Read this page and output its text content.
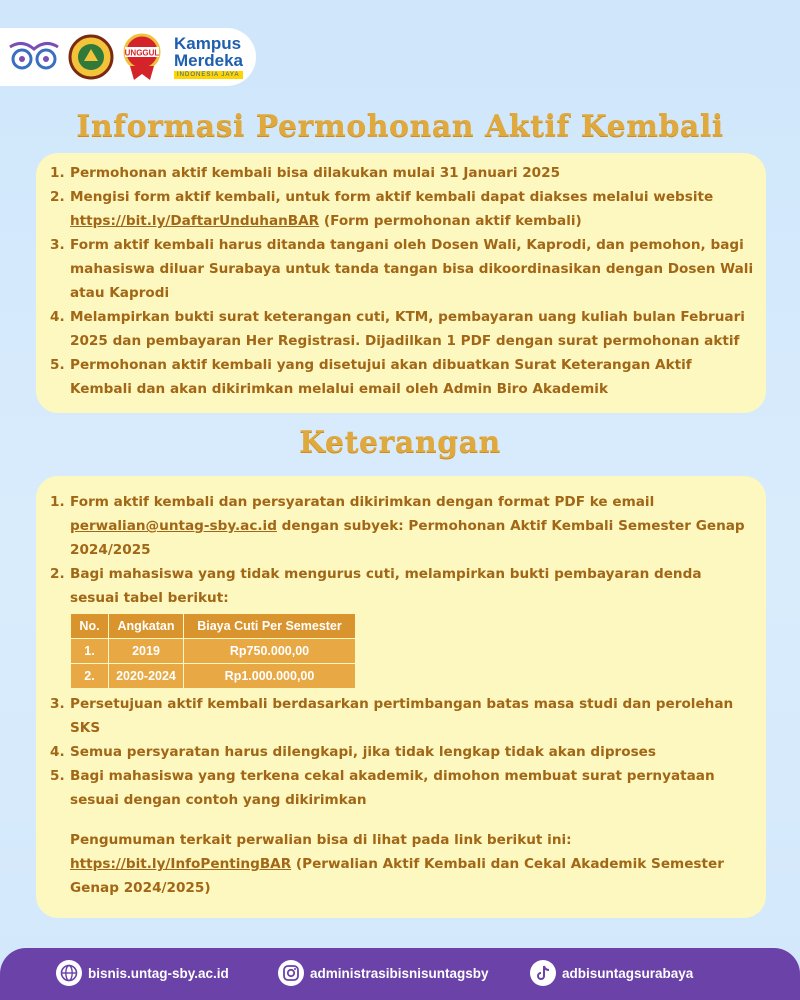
UNGGUL Kampus
Merdeka
INDONESIA JAYA
Informasi Permohonan Aktif Kembali
1. Permohonan aktif kembali bisa dilakukan mulai 31 Januari 2025
2. Mengisi form aktif kembali, untuk form aktif kembali dapat diakses melalui website https://bit.ly/DaftarUnduhanBAR (Form permohonan aktif kembali)
3. Form aktif kembali harus ditanda tangani oleh Dosen Wali, Kaprodi, dan pemohon, bagi mahasiswa diluar Surabaya untuk tanda tangan bisa dikoordinasikan dengan Dosen Wali atau Kaprodi
4. Melampirkan bukti surat keterangan cuti, KTM, pembayaran uang kuliah bulan Februari 2025 dan pembayaran Her Registrasi. Dijadilkan 1 PDF dengan surat permohonan aktif
5. Permohonan aktif kembali yang disetujui akan dibuatkan Surat Keterangan Aktif Kembali dan akan dikirimkan melalui email oleh Admin Biro Akademik
Keterangan
1. Form aktif kembali dan persyaratan dikirimkan dengan format PDF ke email perwalian@untag-sby.ac.id dengan subyek: Permohonan Aktif Kembali Semester Genap 2024/2025
2. Bagi mahasiswa yang tidak mengurus cuti, melampirkan bukti pembayaran denda sesuai tabel berikut:
No.	Angkatan	Biaya Cuti Per Semester
1.	2019	Rp750.000,00
2.	2020-2024	Rp1.000.000,00
3. Persetujuan aktif kembali berdasarkan pertimbangan batas masa studi dan perolehan SKS
4. Semua persyaratan harus dilengkapi, jika tidak lengkap tidak akan diproses
5. Bagi mahasiswa yang terkena cekal akademik, dimohon membuat surat pernyataan sesuai dengan contoh yang dikirimkan
Pengumuman terkait perwalian bisa di lihat pada link berikut ini:
https://bit.ly/InfoPentingBAR (Perwalian Aktif Kembali dan Cekal Akademik Semester Genap 2024/2025)
bisnis.untag-sby.ac.id	administrasibisnisuntagsby	adbisuntagsurabaya
